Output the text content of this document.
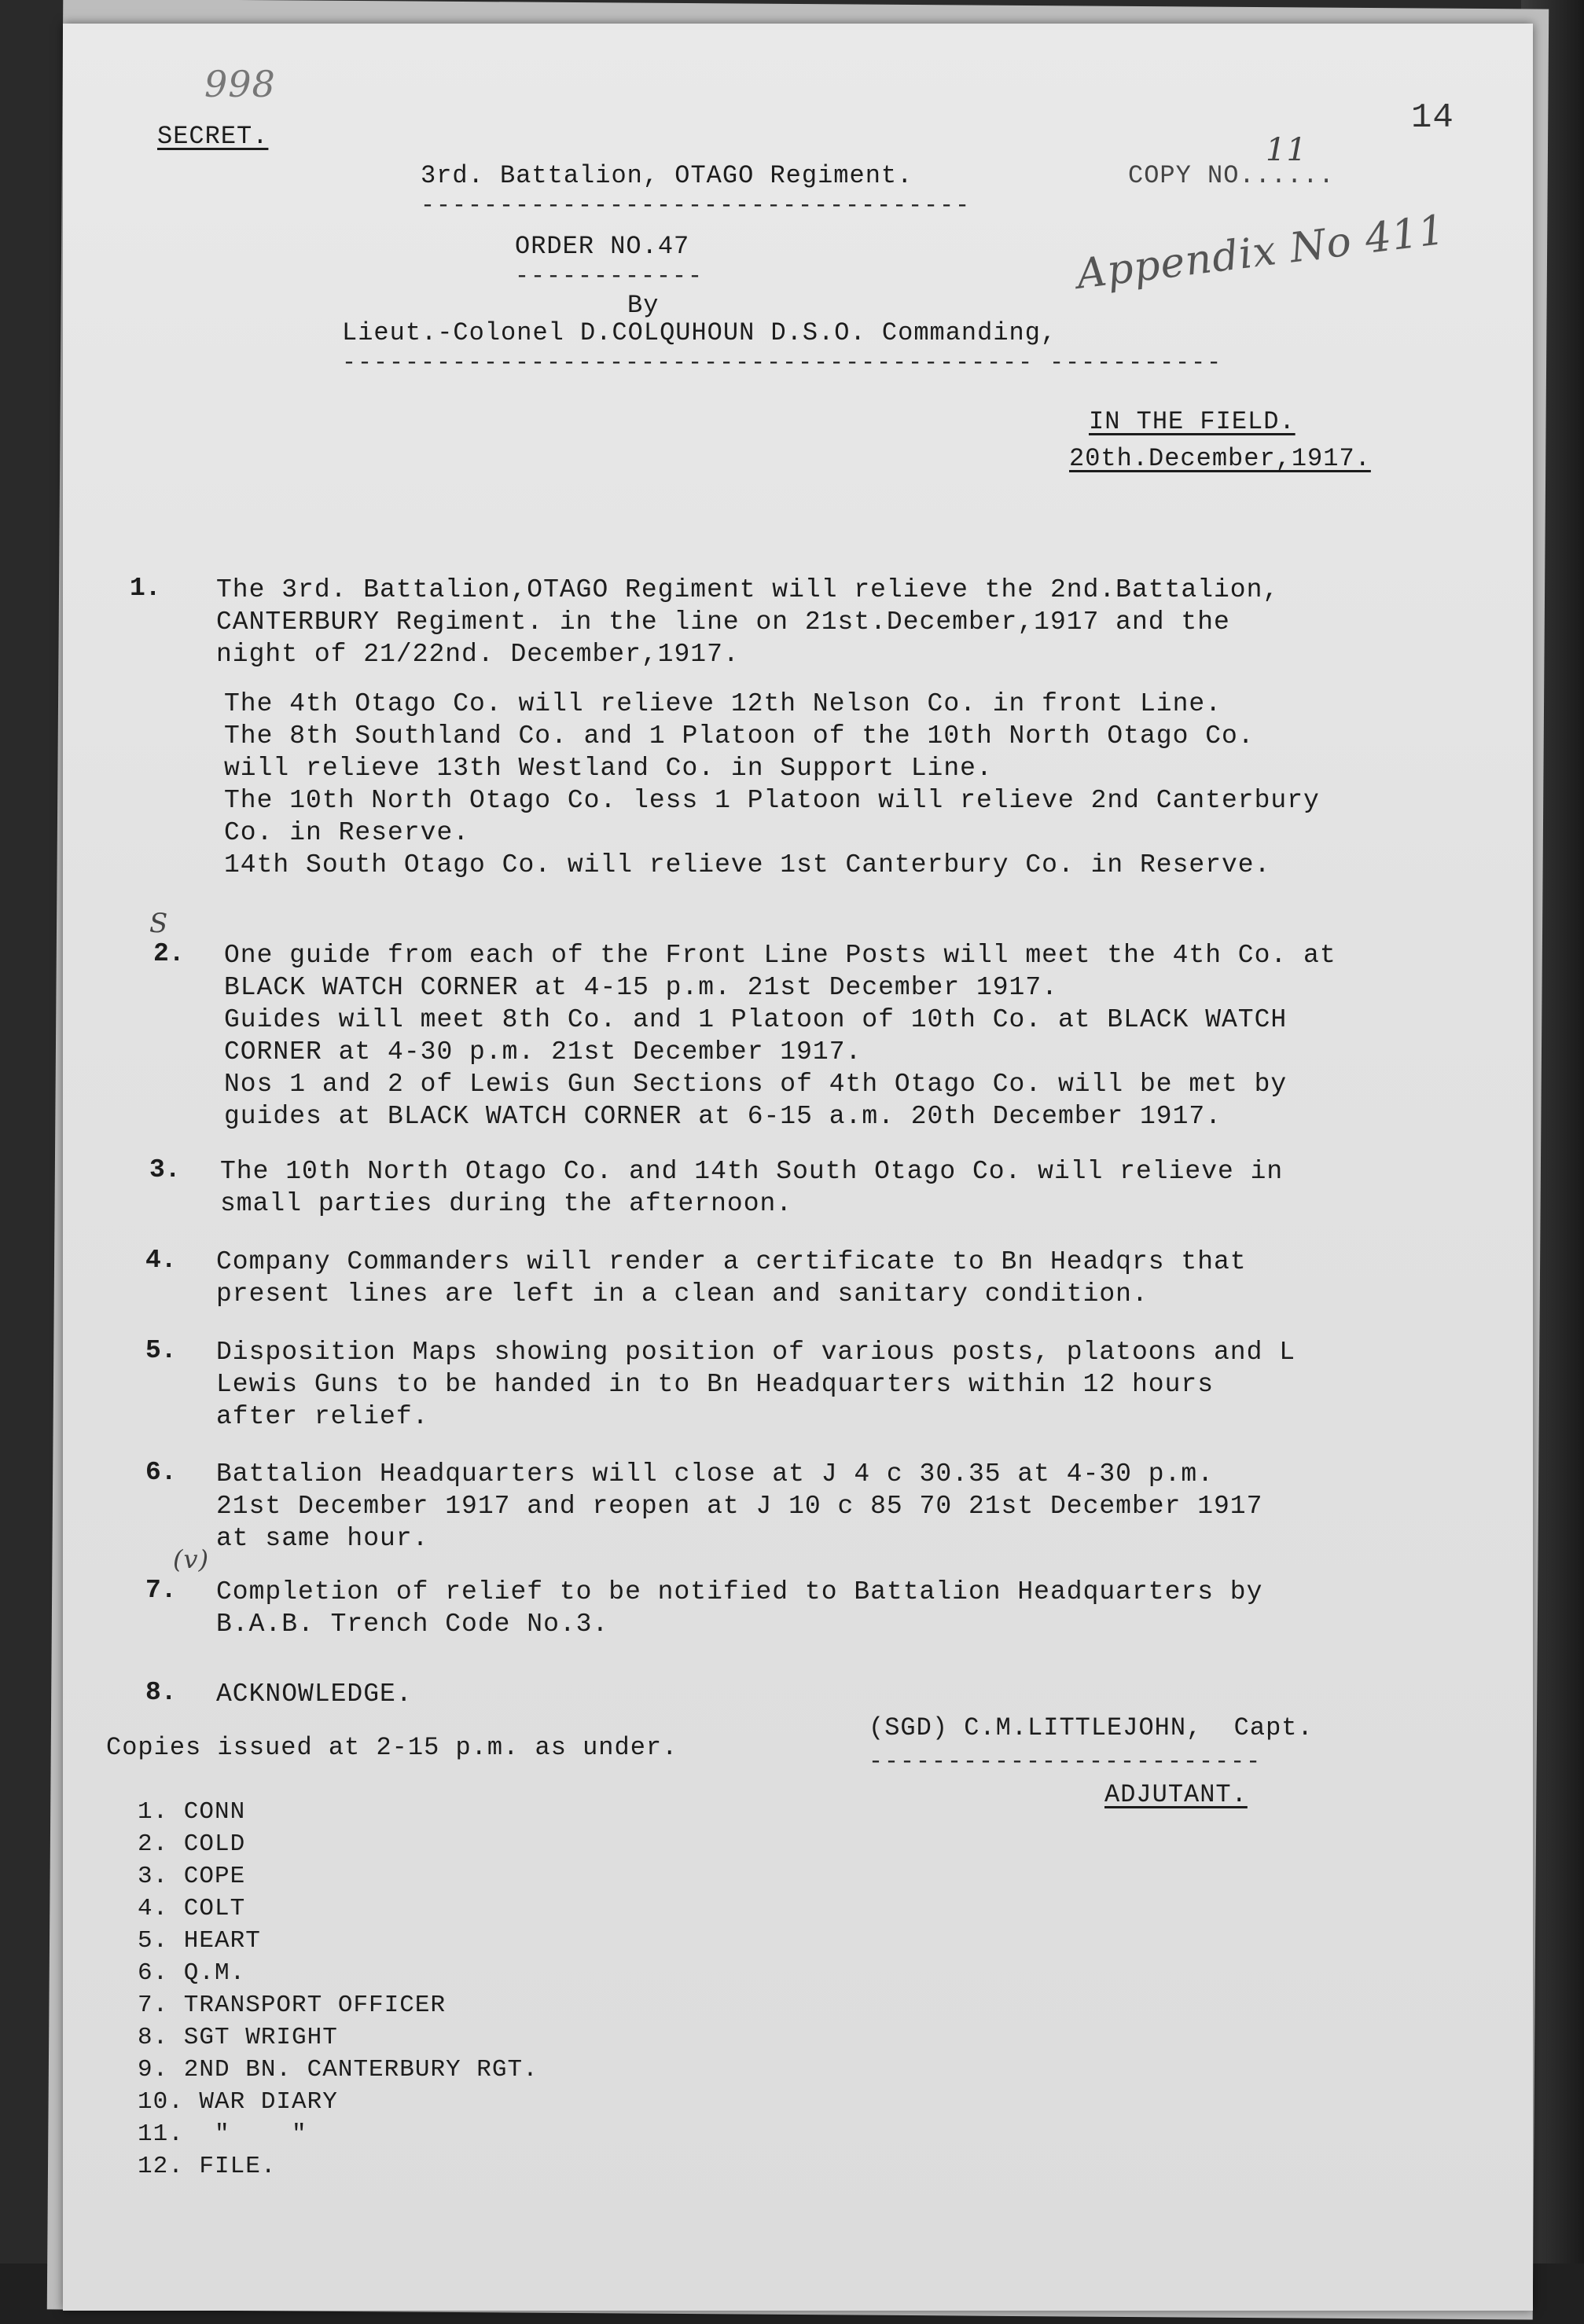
998
SECRET.	14
3rd. Battalion, OTAGO Regiment.
-----------------------------------
COPY NO......
11
ORDER NO.47
------------
By
Appendix No 411
Lieut.-Colonel D.COLQUHOUN D.S.O. Commanding,
-------------------------------------------- -----------
IN THE FIELD.
20th.December,1917.
1. The 3rd. Battalion,OTAGO Regiment will relieve the 2nd.Battalion,
CANTERBURY Regiment. in the line on 21st.December,1917 and the
night of 21/22nd. December,1917.
The 4th Otago Co. will relieve 12th Nelson Co. in front Line.
The 8th Southland Co. and 1 Platoon of the 10th North Otago Co.
will relieve 13th Westland Co. in Support Line.
The 10th North Otago Co. less 1 Platoon will relieve 2nd Canterbury
Co. in Reserve.
14th South Otago Co. will relieve 1st Canterbury Co. in Reserve.
S
2. One guide from each of the Front Line Posts will meet the 4th Co. at
BLACK WATCH CORNER at 4-15 p.m. 21st December 1917.
Guides will meet 8th Co. and 1 Platoon of 10th Co. at BLACK WATCH
CORNER at 4-30 p.m. 21st December 1917.
Nos 1 and 2 of Lewis Gun Sections of 4th Otago Co. will be met by
guides at BLACK WATCH CORNER at 6-15 a.m. 20th December 1917.
3. The 10th North Otago Co. and 14th South Otago Co. will relieve in
small parties during the afternoon.
4. Company Commanders will render a certificate to Bn Headqrs that
present lines are left in a clean and sanitary condition.
5. Disposition Maps showing position of various posts, platoons and L
Lewis Guns to be handed in to Bn Headquarters within 12 hours
after relief.
6. Battalion Headquarters will close at J 4 c 30.35 at 4-30 p.m.
21st December 1917 and reopen at J 10 c 85 70 21st December 1917
at same hour.
(v)
7. Completion of relief to be notified to Battalion Headquarters by
B.A.B. Trench Code No.3.
8. ACKNOWLEDGE.
(SGD) C.M.LITTLEJOHN,  Capt.
-------------------------
ADJUTANT.
Copies issued at 2-15 p.m. as under.
1. CONN
2. COLD
3. COPE
4. COLT
5. HEART
6. Q.M.
7. TRANSPORT OFFICER
8. SGT WRIGHT
9. 2ND BN. CANTERBURY RGT.
10. WAR DIARY
11.  "    "
12. FILE.
